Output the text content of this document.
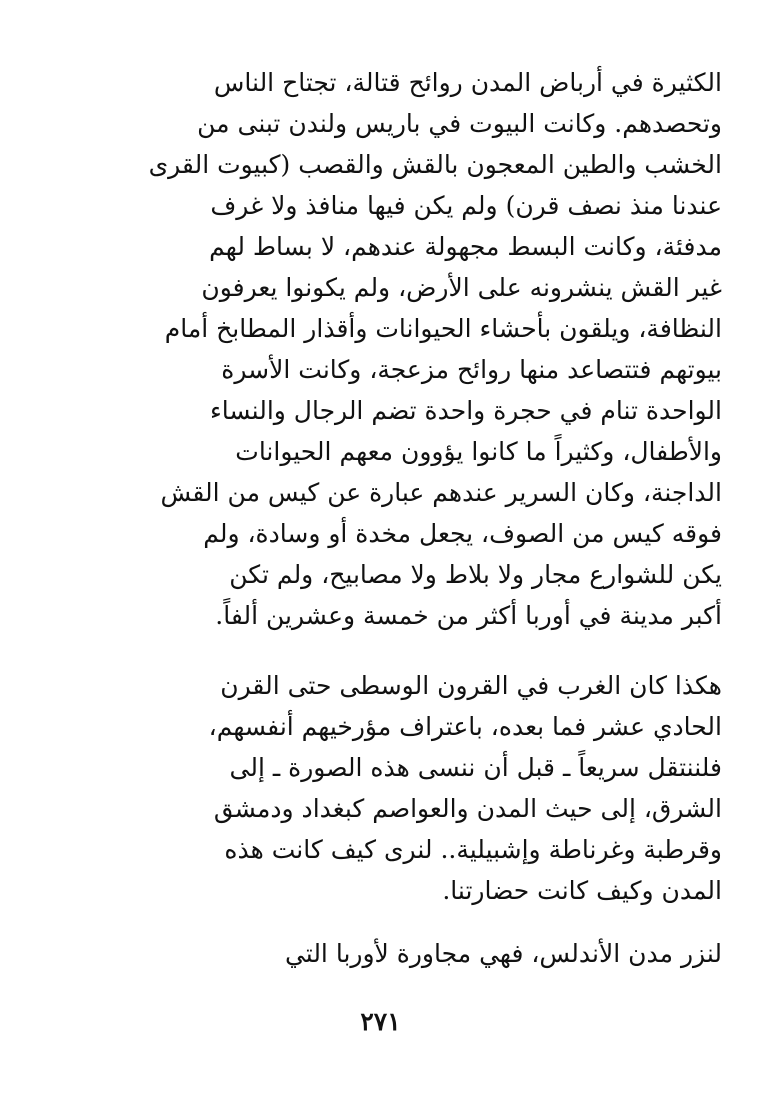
الكثيرة في أرباض المدن روائح قتالة، تجتاح الناس
وتحصدهم. وكانت البيوت في باريس ولندن تبنى من
الخشب والطين المعجون بالقش والقصب (كبيوت القرى
عندنا منذ نصف قرن) ولم يكن فيها منافذ ولا غرف
مدفئة، وكانت البسط مجهولة عندهم، لا بساط لهم
غير القش ينشرونه على الأرض، ولم يكونوا يعرفون
النظافة، ويلقون بأحشاء الحيوانات وأقذار المطابخ أمام
بيوتهم فتتصاعد منها روائح مزعجة، وكانت الأسرة
الواحدة تنام في حجرة واحدة تضم الرجال والنساء
والأطفال، وكثيراً ما كانوا يؤوون معهم الحيوانات
الداجنة، وكان السرير عندهم عبارة عن كيس من القش
فوقه كيس من الصوف، يجعل مخدة أو وسادة، ولم
يكن للشوارع مجار ولا بلاط ولا مصابيح، ولم تكن
أكبر مدينة في أوربا أكثر من خمسة وعشرين ألفاً.
هكذا كان الغرب في القرون الوسطى حتى القرن
الحادي عشر فما بعده، باعتراف مؤرخيهم أنفسهم،
فلننتقل سريعاً ـ قبل أن ننسى هذه الصورة ـ إلى
الشرق، إلى حيث المدن والعواصم كبغداد ودمشق
وقرطبة وغرناطة وإشبيلية.. لنرى كيف كانت هذه
المدن وكيف كانت حضارتنا.
لنزر مدن الأندلس، فهي مجاورة لأوربا التي
٢٧١
